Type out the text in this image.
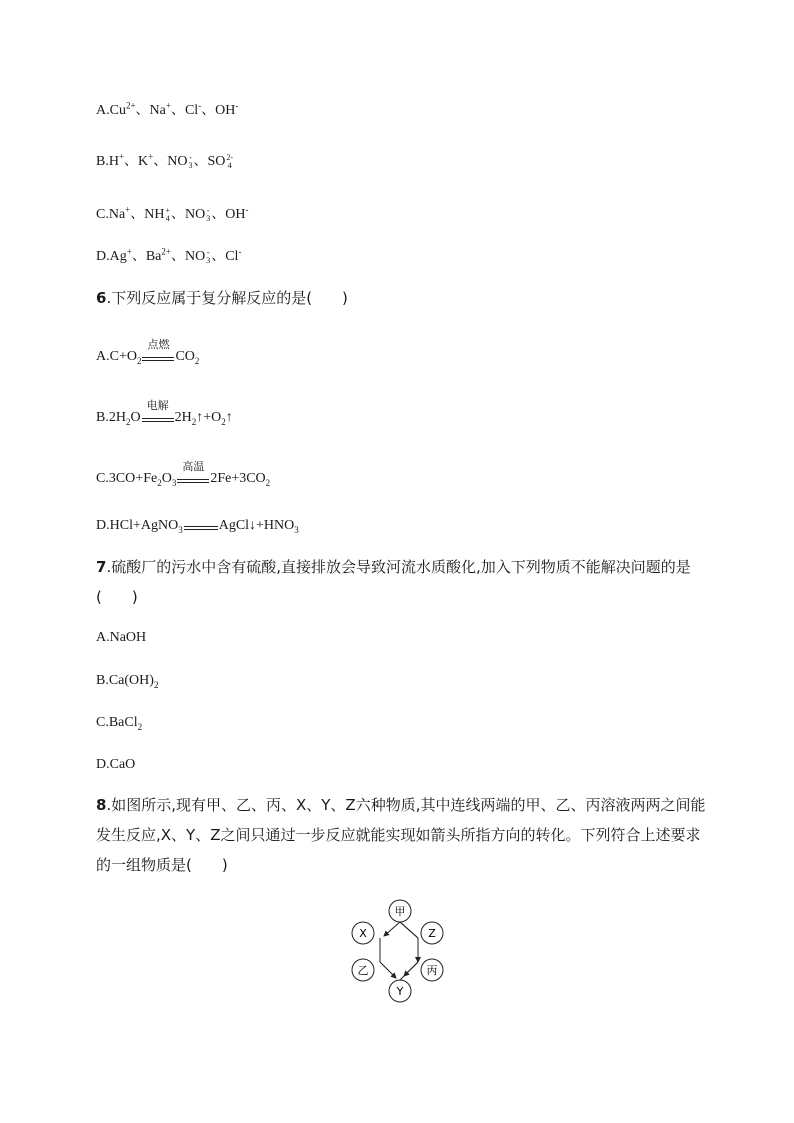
$A.Cu^{2+}$、Na+、Cl-、OH-
B.H+、K+、NO -
3、SO2-
4
C.Na+、NH+
4、NO -
3、OH-
D.Ag+、$Ba^{2+}$、NO -
3、Cl-
6.下列反应属于复分解反应的是(　　)
$A.C+O_2$
点燃
$CO_2$
$B.2H_2O$
电解
$2H_2↑+O_2↑$
$C.3CO+Fe_2O_3$
高温
$2Fe+3CO_2$
D.HCl+AgNO$_3$	$AgCl↓+HNO_3$
7.硫酸厂的污水中含有硫酸,直接排放会导致河流水质酸化,加入下列物质不能解决问题的是(　　)
A.NaOH
$B.Ca(OH)_2$
C.BaCl$_2$
D.CaO
8.如图所示,现有甲、乙、丙、X、Y、Z六种物质,其中连线两端的甲、乙、丙溶液两两之间能发生反应,X、Y、Z之间只通过一步反应就能实现如箭头所指方向的转化。下列符合上述要求的一组物质是(　　)
甲
Z
丙
Y
乙
X
